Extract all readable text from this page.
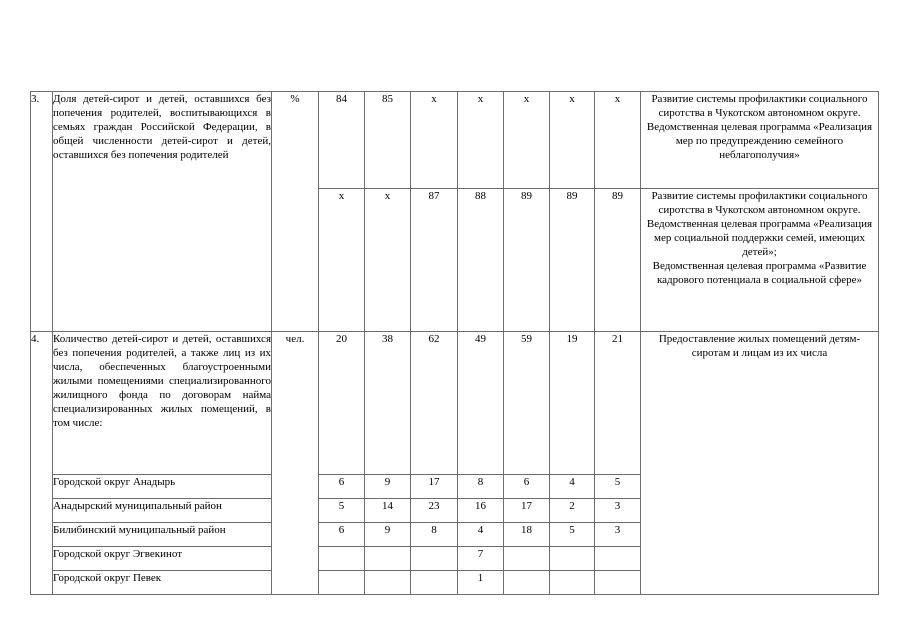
3.	Доля детей-сирот и детей, оставшихся без попечения родителей, воспитывающихся в семьях граждан Российской Федерации, в общей численности детей-сирот и детей, оставшихся без попечения родителей	%	84	85	x	x	x	x	x	Развитие системы профилактики социального сиротства в Чукотском автономном округе.
Ведомственная целевая программа «Реализация мер по предупреждению семейного неблагополучия»

			x	x	87	88	89	89	89	Развитие системы профилактики социального сиротства в Чукотском автономном округе.
Ведомственная целевая программа «Реализация мер социальной поддержки семей, имеющих детей»;
Ведомственная целевая программа «Развитие кадрового потенциала в социальной сфере»

4.	Количество детей-сирот и детей, оставшихся без попечения родителей, а также лиц из их числа, обеспеченных благоустроенными жилыми помещениями специализированного жилищного фонда по договорам найма специализированных жилых помещений, в том числе:	чел.	20	38	62	49	59	19	21	Предоставление жилых помещений детям-сиротам и лицам из их числа
	Городской округ Анадырь		6	9	17	8	6	4	5	
	Анадырский муниципальный район		5	14	23	16	17	2	3	
	Билибинский муниципальный район		6	9	8	4	18	5	3	
	Городской округ Эгвекинот					7				
	Городской округ Певек					1				
